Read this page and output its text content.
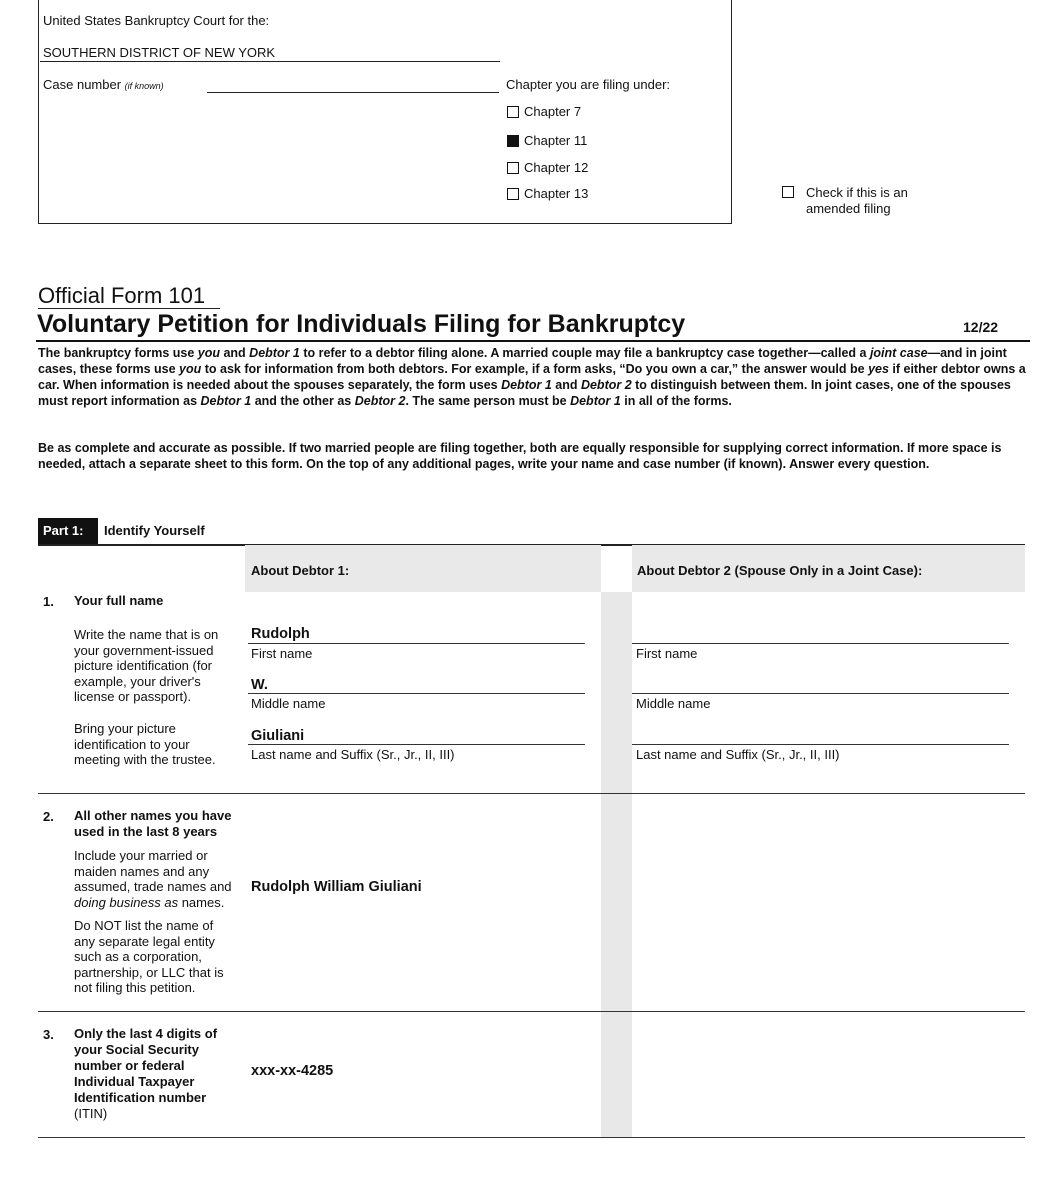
United States Bankruptcy Court for the:
SOUTHERN DISTRICT OF NEW YORK
Case number (if known)	Chapter you are filing under:
Chapter 7
Chapter 11
Chapter 12
Chapter 13	Check if this is an
amended filing
Official Form 101
Voluntary Petition for Individuals Filing for Bankruptcy	12/22
The bankruptcy forms use you and Debtor 1 to refer to a debtor filing alone. A married couple may file a bankruptcy case together—called a joint case—and in joint cases, these forms use you to ask for information from both debtors. For example, if a form asks, “Do you own a car,” the answer would be yes if either debtor owns a car. When information is needed about the spouses separately, the form uses Debtor 1 and Debtor 2 to distinguish between them. In joint cases, one of the spouses must report information as Debtor 1 and the other as Debtor 2. The same person must be Debtor 1 in all of the forms.
Be as complete and accurate as possible. If two married people are filing together, both are equally responsible for supplying correct information. If more space is needed, attach a separate sheet to this form. On the top of any additional pages, write your name and case number (if known). Answer every question.
Part 1:	Identify Yourself
About Debtor 1:	About Debtor 2 (Spouse Only in a Joint Case):
1. Your full name
Write the name that is on your government-issued picture identification (for example, your driver's license or passport).
Bring your picture identification to your meeting with the trustee.
Rudolph
First name
W.
Middle name
Giuliani
Last name and Suffix (Sr., Jr., II, III)
First name
Middle name
Last name and Suffix (Sr., Jr., II, III)
2. All other names you have used in the last 8 years
Include your married or maiden names and any assumed, trade names and doing business as names.
Do NOT list the name of any separate legal entity such as a corporation, partnership, or LLC that is not filing this petition.
Rudolph William Giuliani
3. Only the last 4 digits of your Social Security number or federal Individual Taxpayer Identification number
(ITIN)
xxx-xx-4285
